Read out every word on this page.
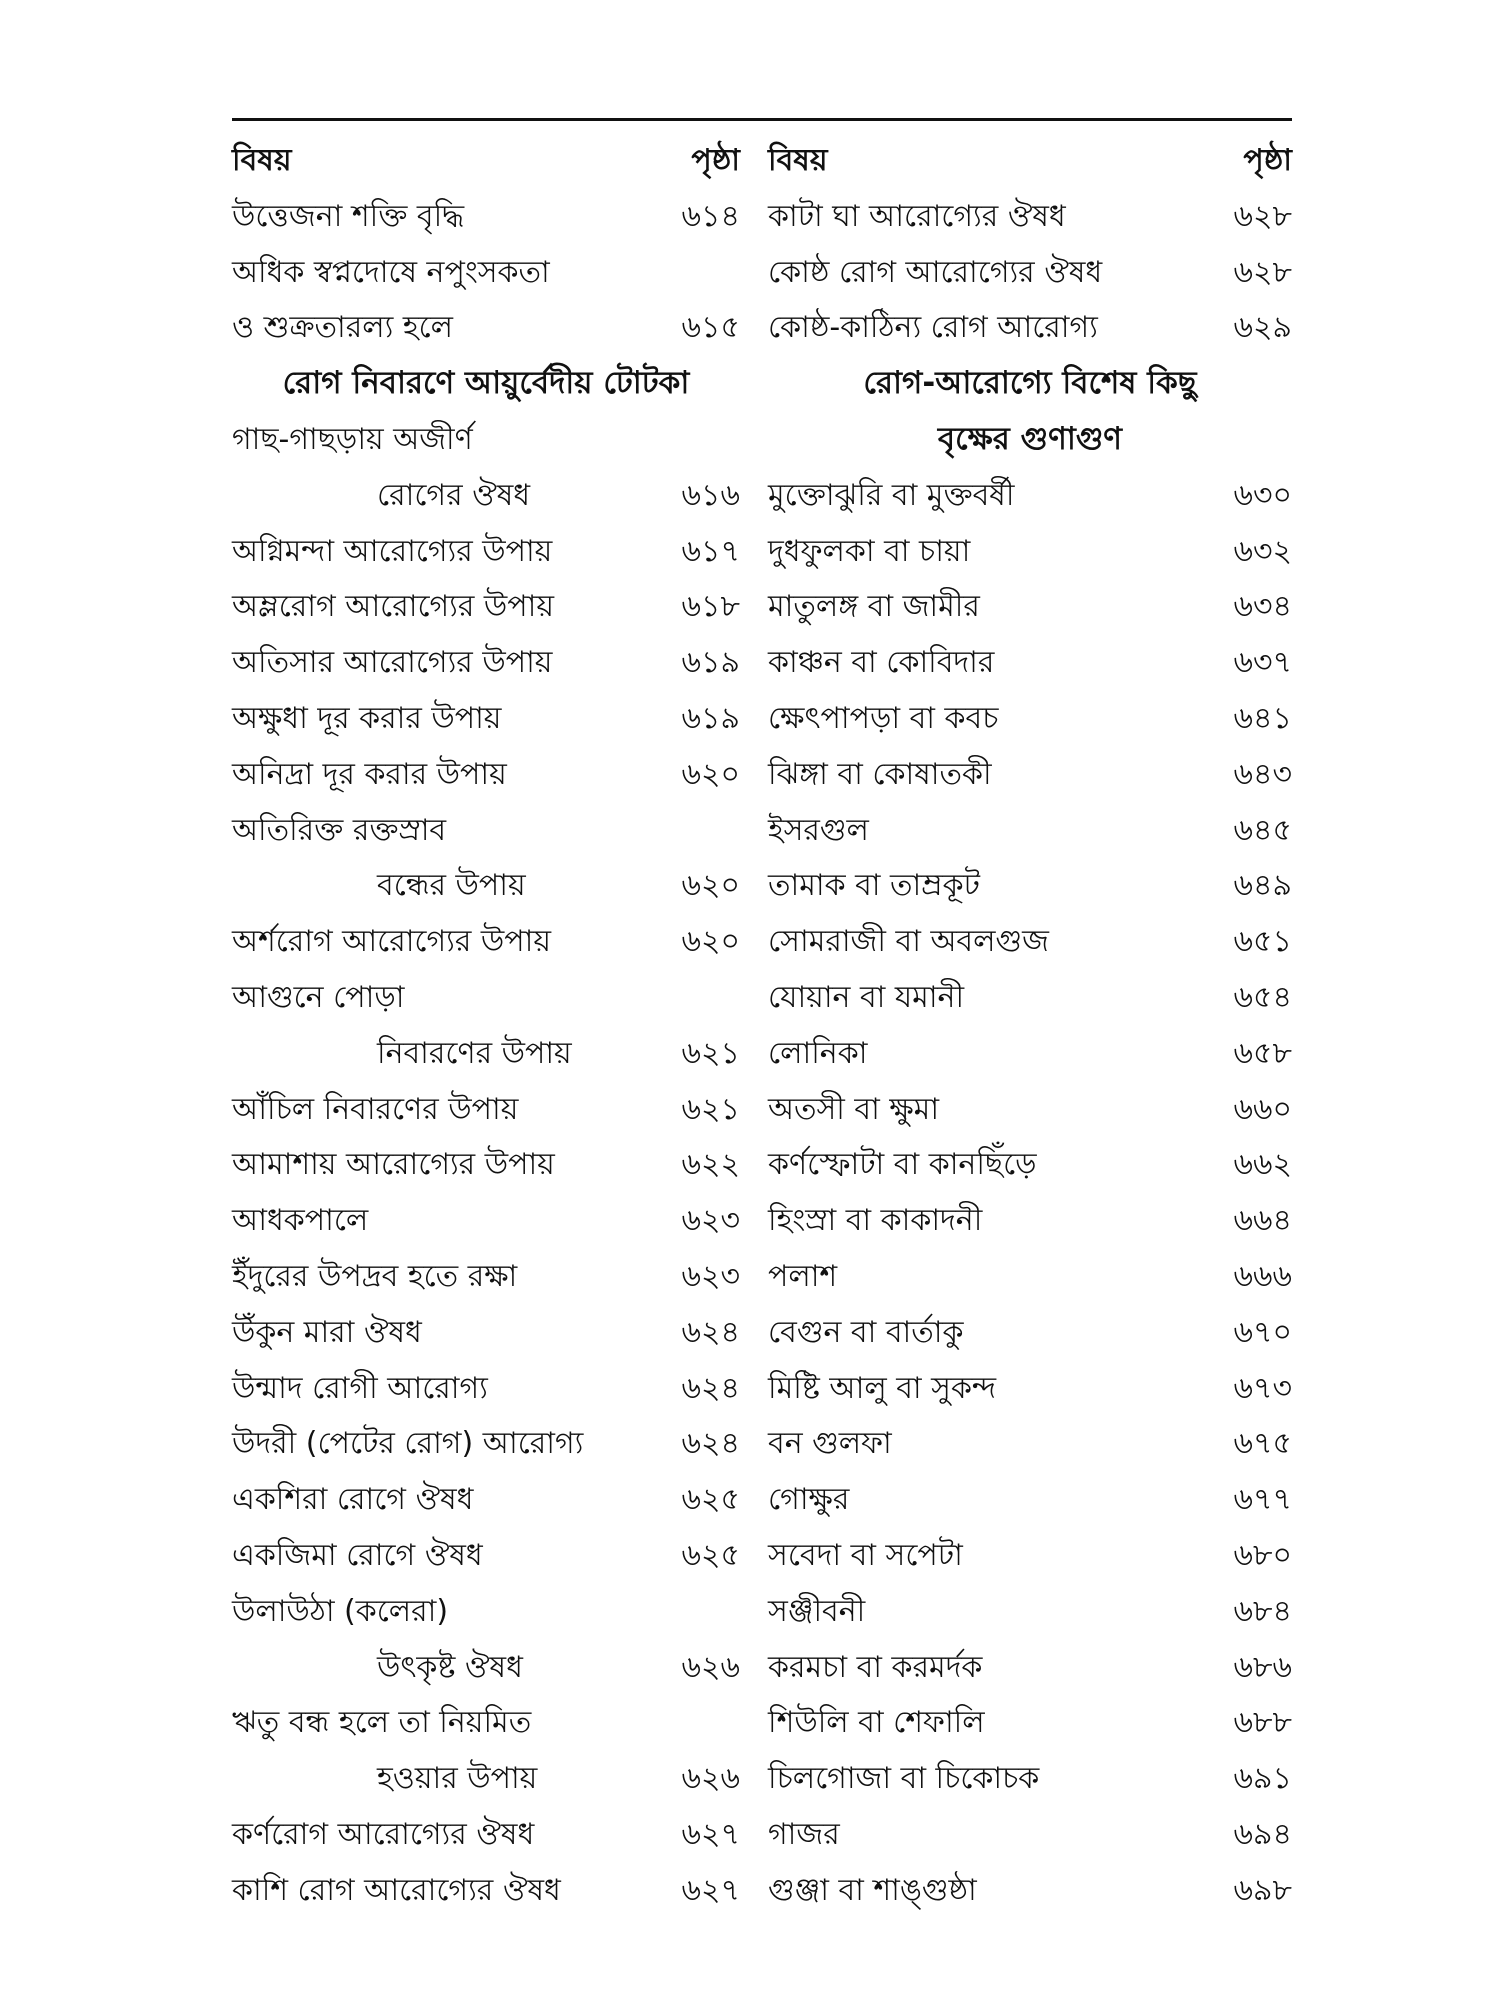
বিষয়	পৃষ্ঠা
উত্তেজনা শক্তি বৃদ্ধি	৬১৪
অধিক স্বপ্নদোষে নপুংসকতা
ও শুক্রতারল্য হলে	৬১৫
রোগ নিবারণে আয়ুর্বেদীয় টোটকা
গাছ-গাছড়ায় অজীর্ণ
রোগের ঔষধ	৬১৬
অগ্নিমন্দা আরোগ্যের উপায়	৬১৭
অম্লরোগ আরোগ্যের উপায়	৬১৮
অতিসার আরোগ্যের উপায়	৬১৯
অক্ষুধা দূর করার উপায়	৬১৯
অনিদ্রা দূর করার উপায়	৬২০
অতিরিক্ত রক্তস্রাব
বন্ধের উপায়	৬২০
অর্শরোগ আরোগ্যের উপায়	৬২০
আগুনে পোড়া
নিবারণের উপায়	৬২১
আঁচিল নিবারণের উপায়	৬২১
আমাশায় আরোগ্যের উপায়	৬২২
আধকপালে	৬২৩
ইঁদুরের উপদ্রব হতে রক্ষা	৬২৩
উঁকুন মারা ঔষধ	৬২৪
উন্মাদ রোগী আরোগ্য	৬২৪
উদরী (পেটের রোগ) আরোগ্য	৬২৪
একশিরা রোগে ঔষধ	৬২৫
একজিমা রোগে ঔষধ	৬২৫
উলাউঠা (কলেরা)
উৎকৃষ্ট ঔষধ	৬২৬
ঋতু বন্ধ হলে তা নিয়মিত
হওয়ার উপায়	৬২৬
কর্ণরোগ আরোগ্যের ঔষধ	৬২৭
কাশি রোগ আরোগ্যের ঔষধ	৬২৭
বিষয়	পৃষ্ঠা
কাটা ঘা আরোগ্যের ঔষধ	৬২৮
কোষ্ঠ রোগ আরোগ্যের ঔষধ	৬২৮
কোষ্ঠ-কাঠিন্য রোগ আরোগ্য	৬২৯
রোগ-আরোগ্যে বিশেষ কিছু
বৃক্ষের গুণাগুণ
মুক্তোঝুরি বা মুক্তবর্ষী	৬৩০
দুধফুলকা বা চায়া	৬৩২
মাতুলঙ্গ বা জামীর	৬৩৪
কাঞ্চন বা কোবিদার	৬৩৭
ক্ষেৎপাপড়া বা কবচ	৬৪১
ঝিঙ্গা বা কোষাতকী	৬৪৩
ইসরগুল	৬৪৫
তামাক বা তাম্রকূট	৬৪৯
সোমরাজী বা অবলগুজ	৬৫১
যোয়ান বা যমানী	৬৫৪
লোনিকা	৬৫৮
অতসী বা ক্ষুমা	৬৬০
কর্ণস্ফোটা বা কানছিঁড়ে	৬৬২
হিংস্রা বা কাকাদনী	৬৬৪
পলাশ	৬৬৬
বেগুন বা বার্তাকু	৬৭০
মিষ্টি আলু বা সুকন্দ	৬৭৩
বন গুলফা	৬৭৫
গোক্ষুর	৬৭৭
সবেদা বা সপেটা	৬৮০
সঞ্জীবনী	৬৮৪
করমচা বা করমর্দক	৬৮৬
শিউলি বা শেফালি	৬৮৮
চিলগোজা বা চিকোচক	৬৯১
গাজর	৬৯৪
গুঞ্জা বা শাঙ্গুষ্ঠা	৬৯৮
